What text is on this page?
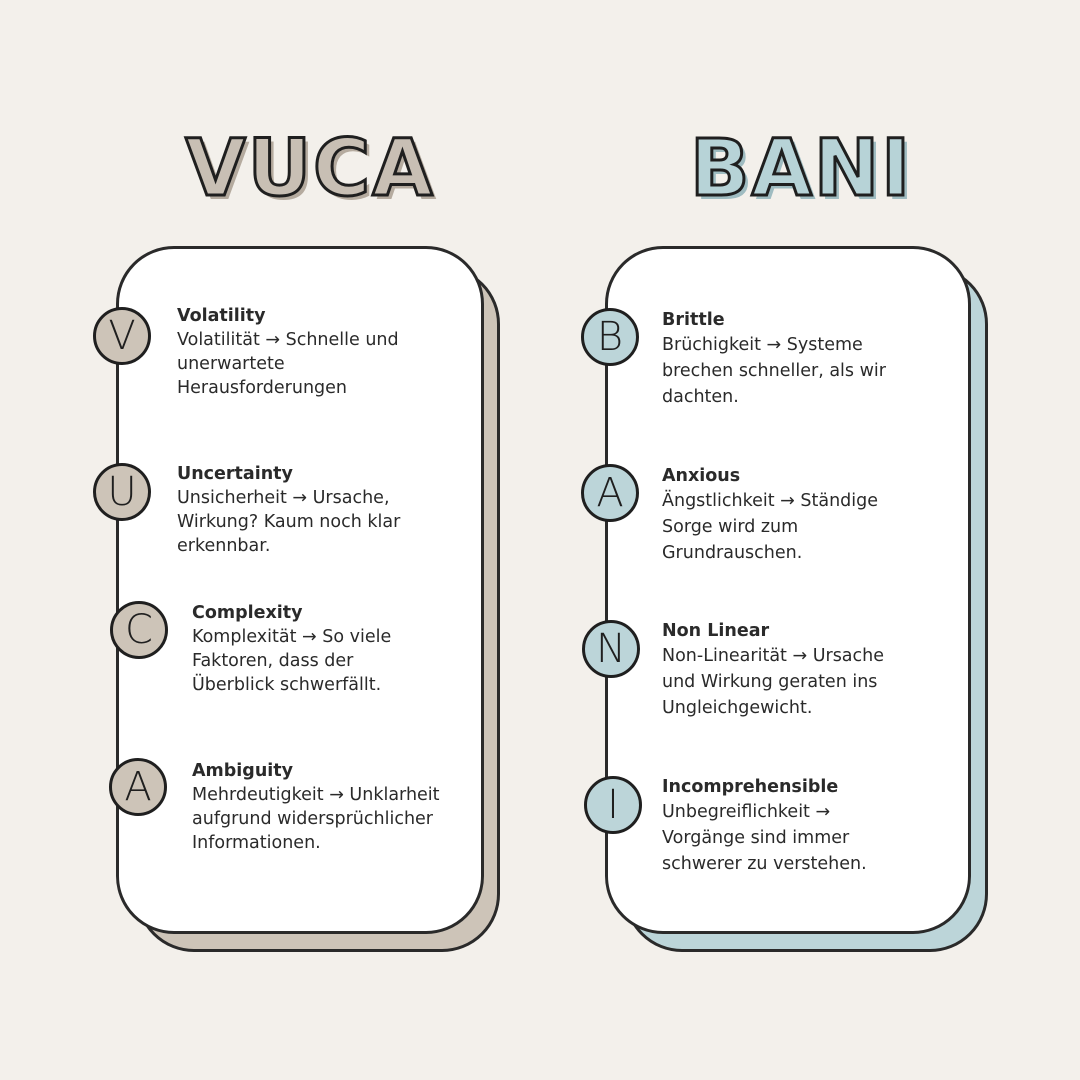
VUCA	BANI
V	Volatility
Volatilität → Schnelle und
unerwartete
Herausforderungen
U	Uncertainty
Unsicherheit → Ursache,
Wirkung? Kaum noch klar
erkennbar.
C	Complexity
Komplexität → So viele
Faktoren, dass der
Überblick schwerfällt.
A	Ambiguity
Mehrdeutigkeit → Unklarheit
aufgrund widersprüchlicher
Informationen.
B	Brittle
Brüchigkeit → Systeme
brechen schneller, als wir
dachten.
A	Anxious
Ängstlichkeit → Ständige
Sorge wird zum
Grundrauschen.
N	Non Linear
Non-Linearität → Ursache
und Wirkung geraten ins
Ungleichgewicht.
I	Incomprehensible
Unbegreiflichkeit →
Vorgänge sind immer
schwerer zu verstehen.
